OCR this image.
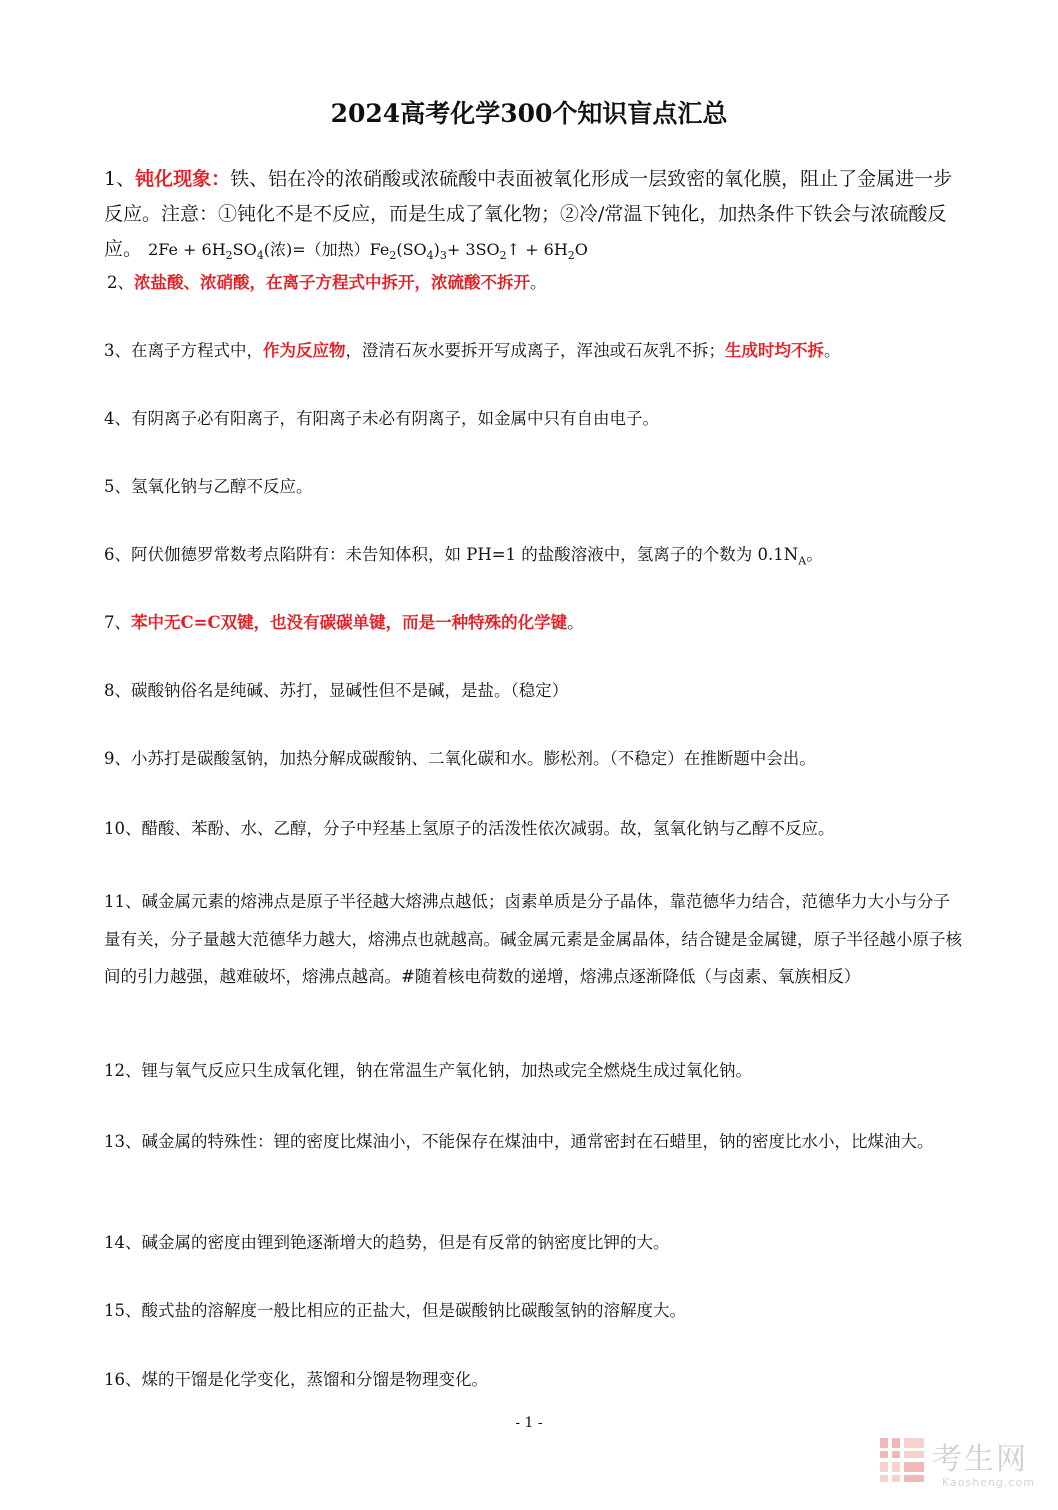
2024高考化学300个知识盲点汇总
1、钝化现象：铁、铝在冷的浓硝酸或浓硫酸中表面被氧化形成一层致密的氧化膜，阻止了金属进一步反应。注意：①钝化不是不反应，而是生成了氧化物；②冷/常温下钝化，加热条件下铁会与浓硫酸反应。 $2Fe + 6H_2SO_4$(浓)=（加热）$Fe_2(SO_4)_3+$ $3SO_2↑ + 6H_2O$
2、浓盐酸、浓硝酸，在离子方程式中拆开，浓硫酸不拆开。
3、在离子方程式中，作为反应物，澄清石灰水要拆开写成离子，浑浊或石灰乳不拆；生成时均不拆。
4、有阴离子必有阳离子，有阳离子未必有阴离子，如金属中只有自由电子。
5、氢氧化钠与乙醇不反应。
6、阿伏伽德罗常数考点陷阱有：未告知体积，如 PH=1 的盐酸溶液中，氢离子的个数为 $0.1N_A$。
7、苯中无C=C双键，也没有碳碳单键，而是一种特殊的化学键。
8、碳酸钠俗名是纯碱、苏打，显碱性但不是碱，是盐。（稳定）
9、小苏打是碳酸氢钠，加热分解成碳酸钠、二氧化碳和水。膨松剂。（不稳定）在推断题中会出。
10、醋酸、苯酚、水、乙醇，分子中羟基上氢原子的活泼性依次减弱。故，氢氧化钠与乙醇不反应。
11、碱金属元素的熔沸点是原子半径越大熔沸点越低；卤素单质是分子晶体，靠范德华力结合，范德华力大小与分子量有关，分子量越大范德华力越大，熔沸点也就越高。碱金属元素是金属晶体，结合键是金属键，原子半径越小原子核间的引力越强，越难破坏，熔沸点越高。#随着核电荷数的递增，熔沸点逐渐降低（与卤素、氧族相反）
12、锂与氧气反应只生成氧化锂，钠在常温生产氧化钠，加热或完全燃烧生成过氧化钠。
13、碱金属的特殊性：锂的密度比煤油小，不能保存在煤油中，通常密封在石蜡里，钠的密度比水小，比煤油大。
14、碱金属的密度由锂到铯逐渐增大的趋势，但是有反常的钠密度比钾的大。
15、酸式盐的溶解度一般比相应的正盐大，但是碳酸钠比碳酸氢钠的溶解度大。
16、煤的干馏是化学变化，蒸馏和分馏是物理变化。
- 1 -
考生网
Kaosheng.com
